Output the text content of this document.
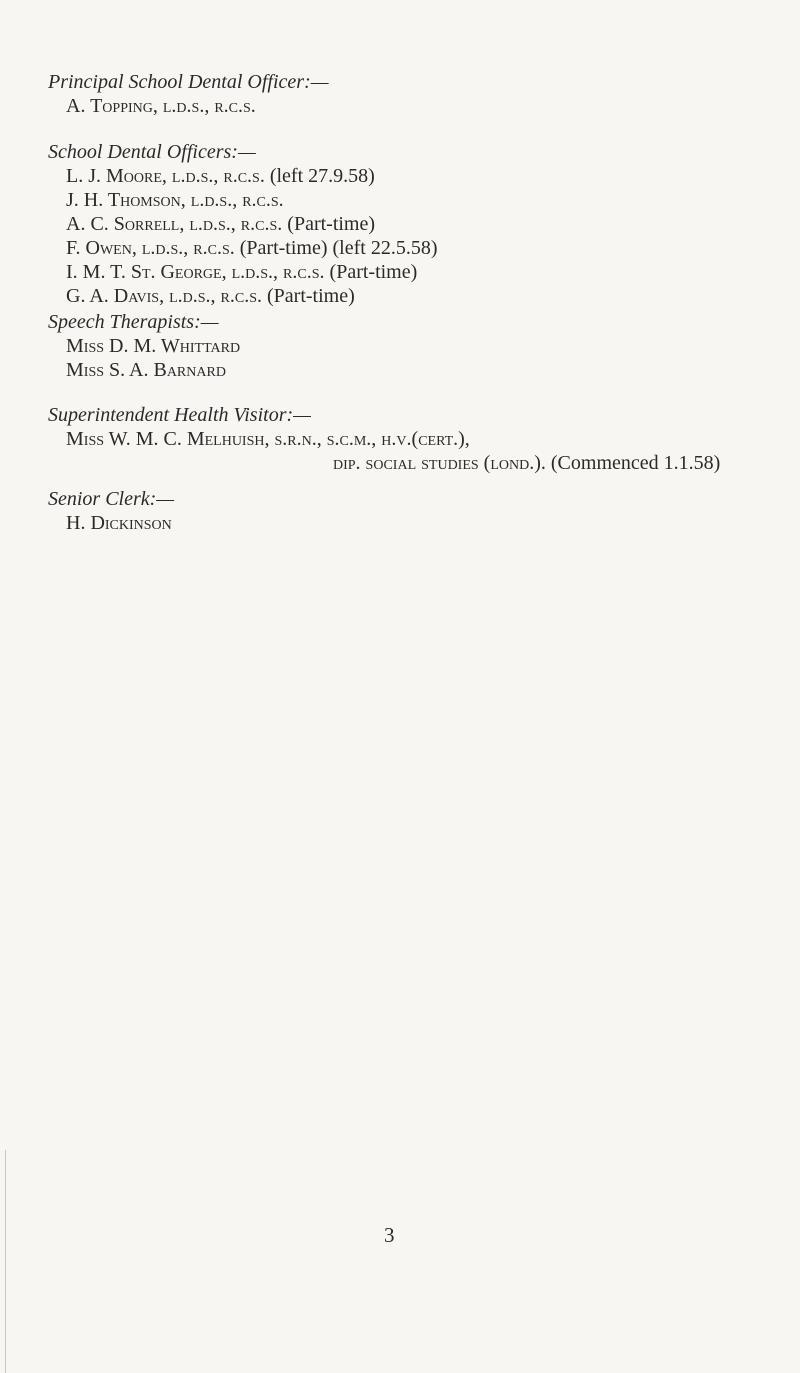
Principal School Dental Officer:—

A. Topping, l.d.s., r.c.s.

School Dental Officers:—

L. J. Moore, l.d.s., r.c.s. (left 27.9.58)
J. H. Thomson, l.d.s., r.c.s.
A. C. Sorrell, l.d.s., r.c.s. (Part-time)
F. Owen, l.d.s., r.c.s. (Part-time) (left 22.5.58)
I. M. T. St. George, l.d.s., r.c.s. (Part-time)
G. A. Davis, l.d.s., r.c.s. (Part-time)

Speech Therapists:—

Miss D. M. Whittard
Miss S. A. Barnard

Superintendent Health Visitor:—

Miss W. M. C. Melhuish, s.r.n., s.c.m., h.v.(cert.),
dip. social studies (lond.). (Commenced 1.1.58)

Senior Clerk:—

H. Dickinson
3
